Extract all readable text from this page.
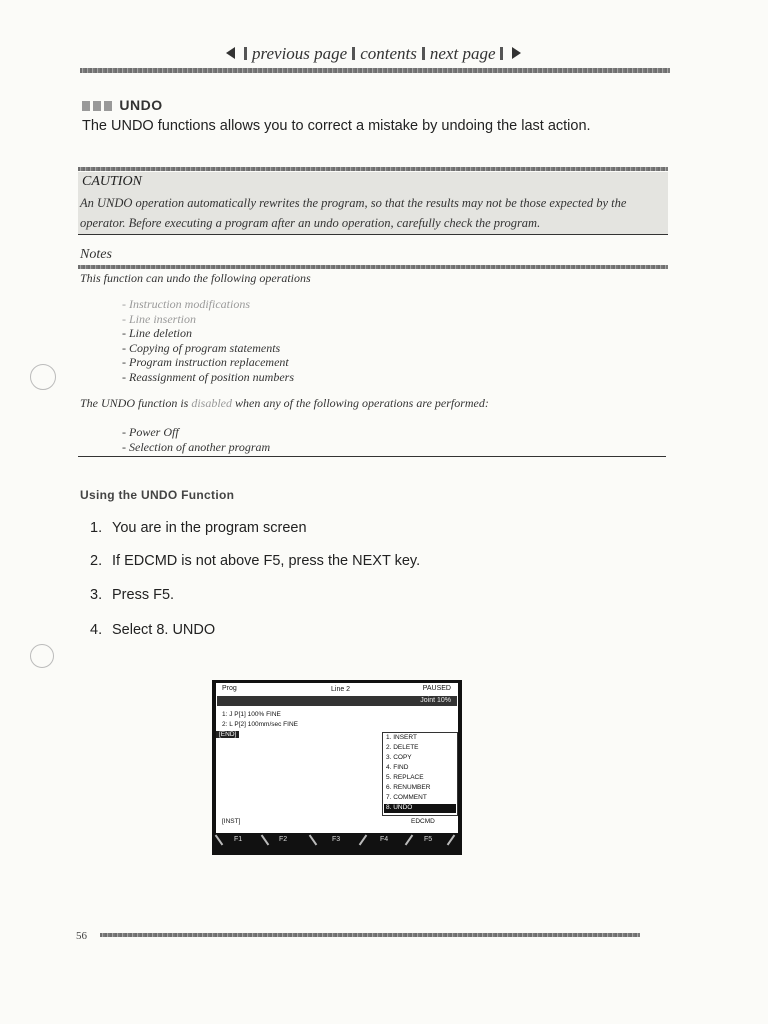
previous page contents next page
UNDO
The UNDO functions allows you to correct a mistake by undoing the last action.
CAUTION
An UNDO operation automatically rewrites the program, so that the results may not be those expected by the operator. Before executing a program after an undo operation, carefully check the program.
Notes
This function can undo the following operations
- Instruction modifications
- Line insertion
- Line deletion
- Copying of program statements
- Program instruction replacement
- Reassignment of position numbers
The UNDO function is disabled when any of the following operations are performed:
- Power Off
- Selection of another program
Using the UNDO Function
1. You are in the program screen
2. If EDCMD is not above F5, press the NEXT key.
3. Press F5.
4. Select 8. UNDO
Prog	Line 2	PAUSED
Joint 10%
1: J P[1] 100% FINE
2: L P[2] 100mm/sec FINE
[END]	1. INSERT
2. DELETE
3. COPY
4. FIND
5. REPLACE
6. RENUMBER
7. COMMENT
8. UNDO
[INST]	EDCMD
F1	F2	F3	F4	F5
56
